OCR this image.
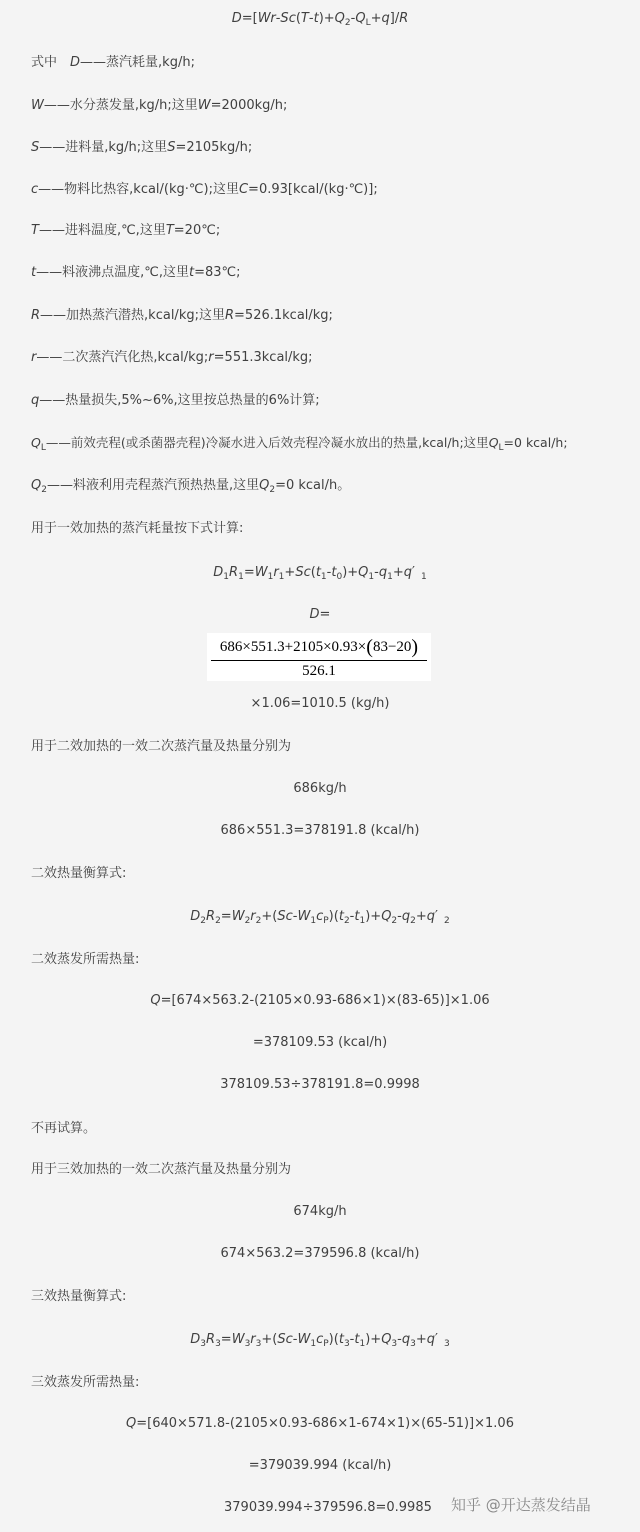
$D=[Wr-Sc(T-t)+Q_2-Q_L+q]/R$
式中　D——蒸汽耗量,kg/h;
W——水分蒸发量,kg/h;这里W=2000kg/h;
S——进料量,kg/h;这里S=2105kg/h;
c——物料比热容,kcal/(kg·℃);这里C=0.93[kcal/(kg·℃)];
T——进料温度,℃,这里T=20℃;
t——料液沸点温度,℃,这里t=83℃;
R——加热蒸汽潜热,kcal/kg;这里R=526.1kcal/kg;
r——二次蒸汽汽化热,kcal/kg;r=551.3kcal/kg;
q——热量损失,5%~6%,这里按总热量的6%计算;
$Q_L——$前效壳程(或杀菌器壳程)冷凝水进入后效壳程冷凝水放出的热量,kcal/h;这里$Q_L=0$ kcal/h;
$Q_2——$料液利用壳程蒸汽预热热量,这里$Q_2=0$ kcal/h。
用于一效加热的蒸汽耗量按下式计算:
$D_1R_1=W_1r_1+Sc(t_1-t_0)+Q_1-q_1+q'$ $_1$
D=
686×551.3+2105×0.93×(83−20)
526.1
×1.06=1010.5 (kg/h)
用于二效加热的一效二次蒸汽量及热量分别为
686kg/h
686×551.3=378191.8 (kcal/h)
二效热量衡算式:
$D_2R_2=W_2r_2+(Sc-W_1c_P)(t_2-t_1)+Q_2-q_2+q'$ $_2$
二效蒸发所需热量:
Q=[674×563.2-(2105×0.93-686×1)×(83-65)]×1.06
=378109.53 (kcal/h)
378109.53÷378191.8=0.9998
不再试算。
用于三效加热的一效二次蒸汽量及热量分别为
674kg/h
674×563.2=379596.8 (kcal/h)
三效热量衡算式:
$D_3R_3=W_3r_3+(Sc-W_1c_P)(t_3-t_1)+Q_3-q_3+q'$ $_3$
三效蒸发所需热量:
Q=[640×571.8-(2105×0.93-686×1-674×1)×(65-51)]×1.06
=379039.994 (kcal/h)
379039.994÷379596.8=0.9985	知乎 @开达蒸发结晶
